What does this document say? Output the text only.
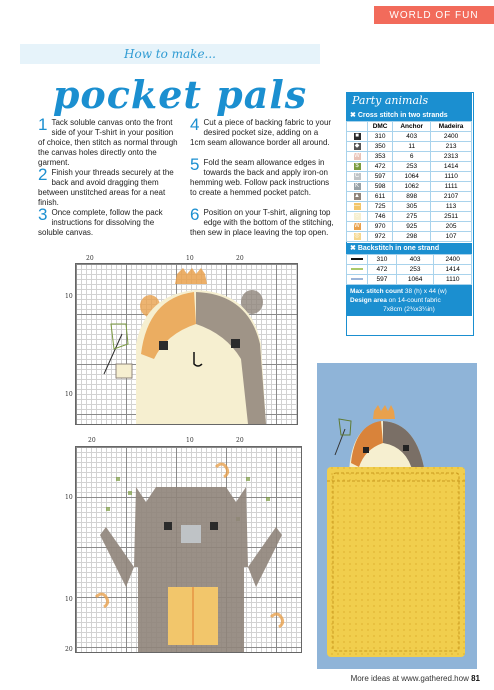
WORLD OF FUN
How to make...
pocket pals
1 Tack soluble canvas onto the front side of your T-shirt in your position of choice, then stitch as normal through the canvas holes directly onto the garment.
2 Finish your threads securely at the back and avoid dragging them between unstitched areas for a neat finish.
3 Once complete, follow the pack instructions for dissolving the soluble canvas.
4 Cut a piece of backing fabric to your desired pocket size, adding on a 1cm seam allowance border all around.
5 Fold the seam allowance edges in towards the back and apply iron-on hemming web. Follow pack instructions to create a hemmed pocket patch.
6 Position on your T-shirt, aligning top edge with the bottom of the stitching, then sew in place leaving the top open.
Party animals
✖ Cross stitch in two strands
	DMC	Anchor	Madeira
■	310	403	2400
◆	350	11	213
W	353	6	2313
$	472	253	1414
C	597	1064	1110
K	598	1062	1111
▲	611	898	2107
—	725	305	113
○	746	275	2511
W	970	925	205
◎	972	298	107
✖ Backstitch in one strand
	310	403	2400
	472	253	1414
	597	1064	1110
Max. stitch count 38 (h) x 44 (w)
Design area on 14-count fabric
7x8cm (2¾x3¼in)
20	10	20
10
10
20	10	20
10
10
20
More ideas at www.gathered.how 81
